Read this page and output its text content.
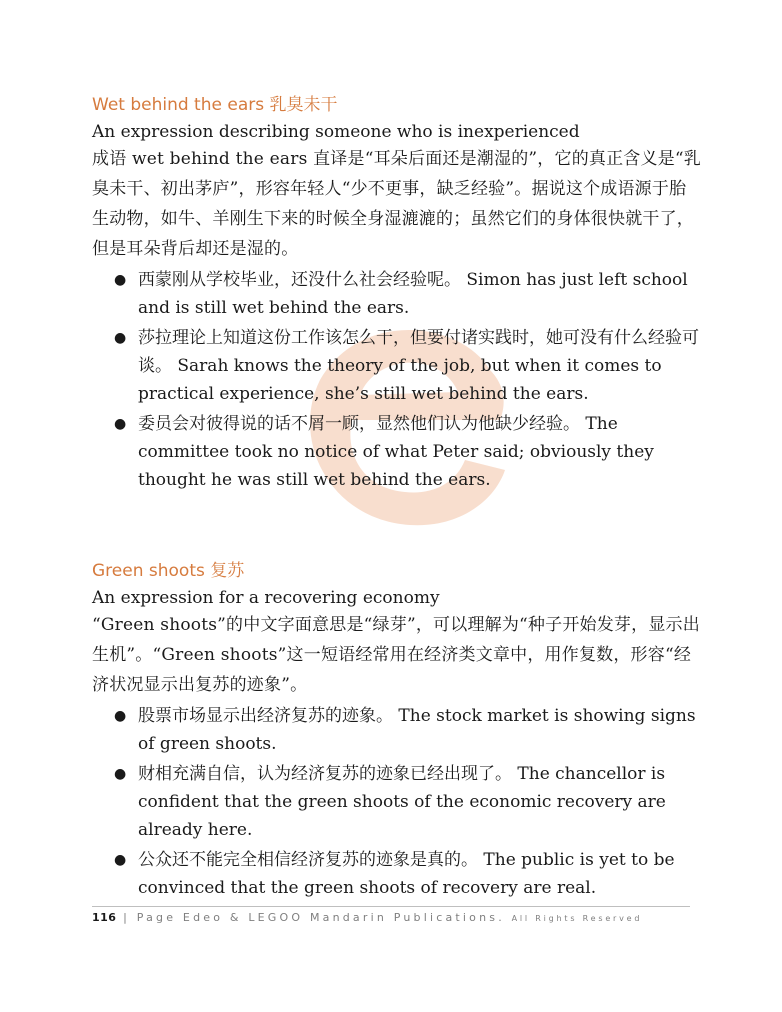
Wet behind the ears 乳臭未干

An expression describing someone who is inexperienced

成语 wet behind the ears 直译是“耳朵后面还是潮湿的”，它的真正含义是“乳臭未干、初出茅庐”，形容年轻人“少不更事，缺乏经验”。据说这个成语源于胎生动物，如牛、羊刚生下来的时候全身湿漉漉的；虽然它们的身体很快就干了，但是耳朵背后却还是湿的。

● 西蒙刚从学校毕业，还没什么社会经验呢。 Simon has just left school and is still wet behind the ears.
● 莎拉理论上知道这份工作该怎么干，但要付诸实践时，她可没有什么经验可谈。 Sarah knows the theory of the job, but when it comes to practical experience, she’s still wet behind the ears.
● 委员会对彼得说的话不屑一顾，显然他们认为他缺少经验。 The committee took no notice of what Peter said; obviously they thought he was still wet behind the ears.
Green shoots 复苏

An expression for a recovering economy

“Green shoots”的中文字面意思是“绿芽”，可以理解为“种子开始发芽，显示出生机”。“Green shoots”这一短语经常用在经济类文章中，用作复数，形容“经济状况显示出复苏的迹象”。

● 股票市场显示出经济复苏的迹象。 The stock market is showing signs of green shoots.
● 财相充满自信，认为经济复苏的迹象已经出现了。 The chancellor is confident that the green shoots of the economic recovery are already here.
● 公众还不能完全相信经济复苏的迹象是真的。 The public is yet to be convinced that the green shoots of recovery are real.
116 | Page Edeo & LEGOO Mandarin Publications. All Rights Reserved
